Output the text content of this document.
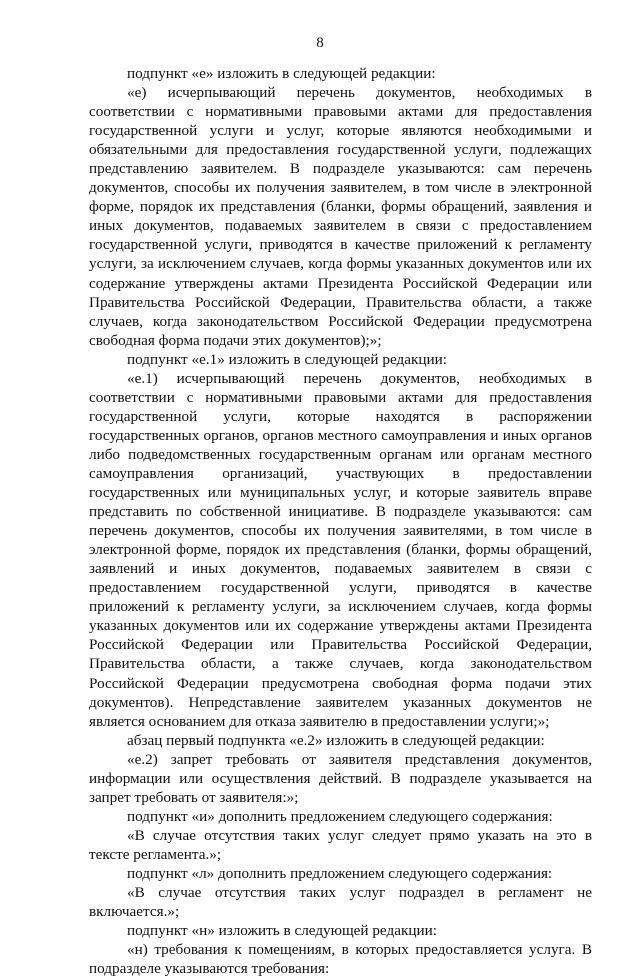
8

подпункт «е» изложить в следующей редакции:

«е) исчерпывающий перечень документов, необходимых в соответствии с нормативными правовыми актами для предоставления государственной услуги и услуг, которые являются необходимыми и обязательными для предоставления государственной услуги, подлежащих представлению заявителем. В подразделе указываются: сам перечень документов, способы их получения заявителем, в том числе в электронной форме, порядок их представления (бланки, формы обращений, заявления и иных документов, подаваемых заявителем в связи с предоставлением государственной услуги, приводятся в качестве приложений к регламенту услуги, за исключением случаев, когда формы указанных документов или их содержание утверждены актами Президента Российской Федерации или Правительства Российской Федерации, Правительства области, а также случаев, когда законодательством Российской Федерации предусмотрена свободная форма подачи этих документов);»;

подпункт «е.1» изложить в следующей редакции:

«е.1) исчерпывающий перечень документов, необходимых в соответствии с нормативными правовыми актами для предоставления государственной услуги, которые находятся в распоряжении государственных органов, органов местного самоуправления и иных органов либо подведомственных государственным органам или органам местного самоуправления организаций, участвующих в предоставлении государственных или муниципальных услуг, и которые заявитель вправе представить по собственной инициативе. В подразделе указываются: сам перечень документов, способы их получения заявителями, в том числе в электронной форме, порядок их представления (бланки, формы обращений, заявлений и иных документов, подаваемых заявителем в связи с предоставлением государственной услуги, приводятся в качестве приложений к регламенту услуги, за исключением случаев, когда формы указанных документов или их содержание утверждены актами Президента Российской Федерации или Правительства Российской Федерации, Правительства области, а также случаев, когда законодательством Российской Федерации предусмотрена свободная форма подачи этих документов). Непредставление заявителем указанных документов не является основанием для отказа заявителю в предоставлении услуги;»;

абзац первый подпункта «е.2» изложить в следующей редакции:

«е.2) запрет требовать от заявителя представления документов, информации или осуществления действий. В подразделе указывается на запрет требовать от заявителя:»;

подпункт «и» дополнить предложением следующего содержания:

«В случае отсутствия таких услуг следует прямо указать на это в тексте регламента.»;

подпункт «л» дополнить предложением следующего содержания:

«В случае отсутствия таких услуг подраздел в регламент не включается.»;

подпункт «н» изложить в следующей редакции:

«н) требования к помещениям, в которых предоставляется услуга. В подразделе указываются требования:
